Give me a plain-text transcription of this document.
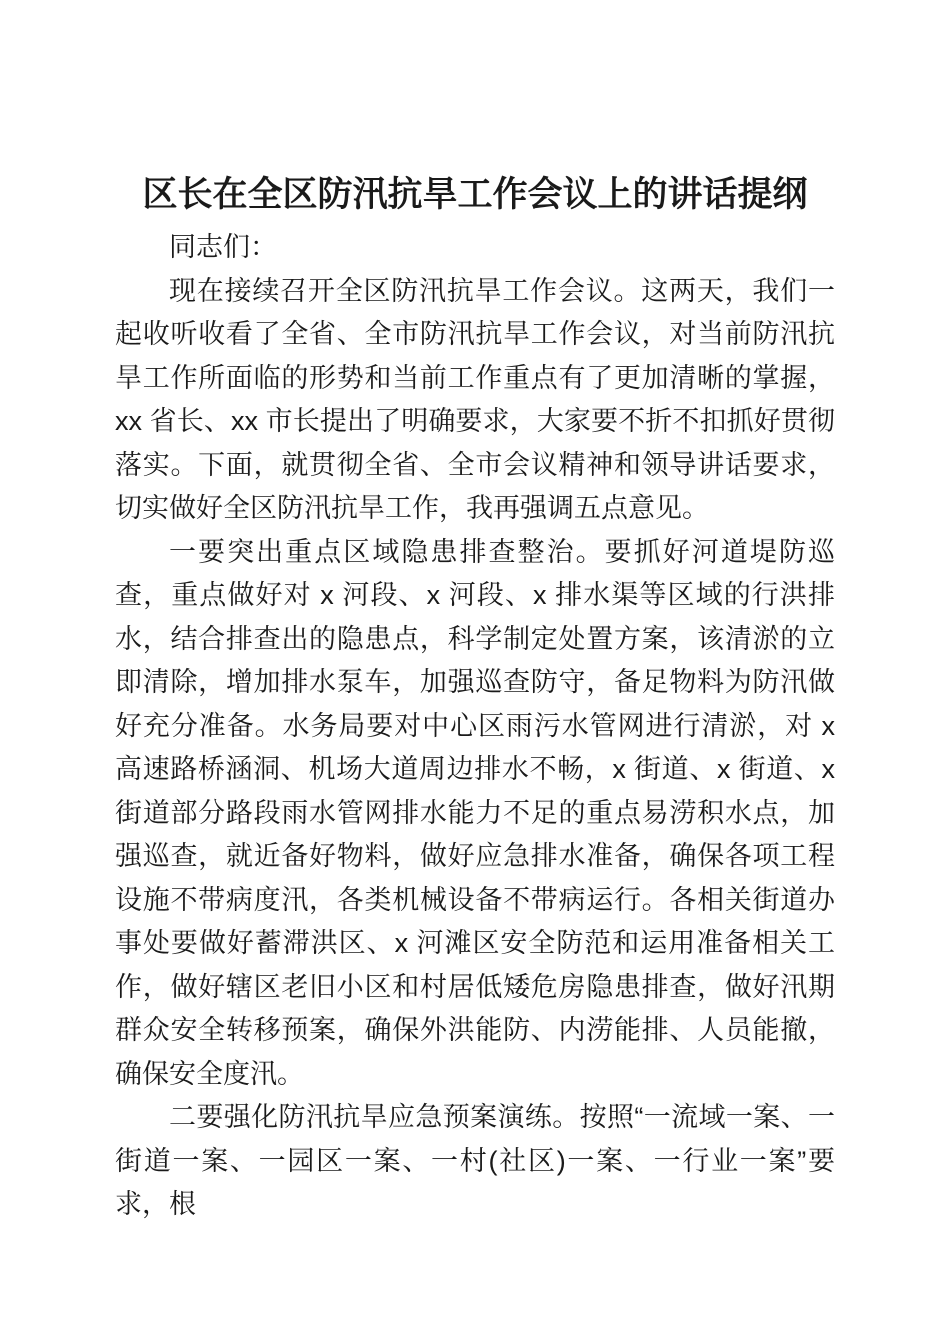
区长在全区防汛抗旱工作会议上的讲话提纲

同志们：

现在接续召开全区防汛抗旱工作会议。这两天，我们一起收听收看了全省、全市防汛抗旱工作会议，对当前防汛抗旱工作所面临的形势和当前工作重点有了更加清晰的掌握，xx 省长、xx 市长提出了明确要求，大家要不折不扣抓好贯彻落实。下面，就贯彻全省、全市会议精神和领导讲话要求，切实做好全区防汛抗旱工作，我再强调五点意见。

一要突出重点区域隐患排查整治。要抓好河道堤防巡查，重点做好对 x 河段、x 河段、x 排水渠等区域的行洪排水，结合排查出的隐患点，科学制定处置方案，该清淤的立即清除，增加排水泵车，加强巡查防守，备足物料为防汛做好充分准备。水务局要对中心区雨污水管网进行清淤，对 x 高速路桥涵洞、机场大道周边排水不畅，x 街道、x 街道、x 街道部分路段雨水管网排水能力不足的重点易涝积水点，加强巡查，就近备好物料，做好应急排水准备，确保各项工程设施不带病度汛，各类机械设备不带病运行。各相关街道办事处要做好蓄滞洪区、x 河滩区安全防范和运用准备相关工作，做好辖区老旧小区和村居低矮危房隐患排查，做好汛期群众安全转移预案，确保外洪能防、内涝能排、人员能撤，确保安全度汛。

二要强化防汛抗旱应急预案演练。按照“一流域一案、一街道一案、一园区一案、一村(社区)一案、一行业一案”要求，根
